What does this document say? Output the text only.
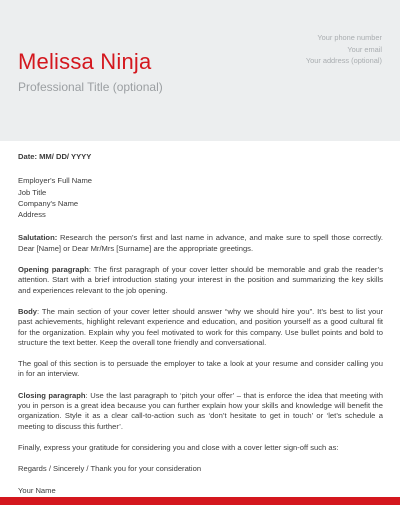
Your phone number
Your email
Your address (optional)
Melissa Ninja
Professional Title (optional)
Date: MM/ DD/ YYYY
Employer's Full Name
Job Title
Company's Name
Address

Salutation: Research the person’s first and last name in advance, and make sure to spell those correctly. Dear [Name] or Dear Mr/Mrs [Surname] are the appropriate greetings.

Opening paragraph: The first paragraph of your cover letter should be memorable and grab the reader’s attention. Start with a brief introduction stating your interest in the position and summarizing the key skills and experiences relevant to the job opening.

Body: The main section of your cover letter should answer “why we should hire you”. It’s best to list your past achievements, highlight relevant experience and education, and position yourself as a good cultural fit for the organization. Explain why you feel motivated to work for this company. Use bullet points and bold to structure the text better. Keep the overall tone friendly and conversational.

The goal of this section is to persuade the employer to take a look at your resume and consider calling you in for an interview.

Closing paragraph: Use the last paragraph to ‘pitch your offer’ – that is enforce the idea that meeting with you in person is a great idea because you can further explain how your skills and knowledge will benefit the organization. Style it as a clear call-to-action such as ‘don’t hesitate to get in touch’ or ‘let’s schedule a meeting to discuss this further’.

Finally, express your gratitude for considering you and close with a cover letter sign-off such as:

Regards / Sincerely / Thank you for your consideration

Your Name
